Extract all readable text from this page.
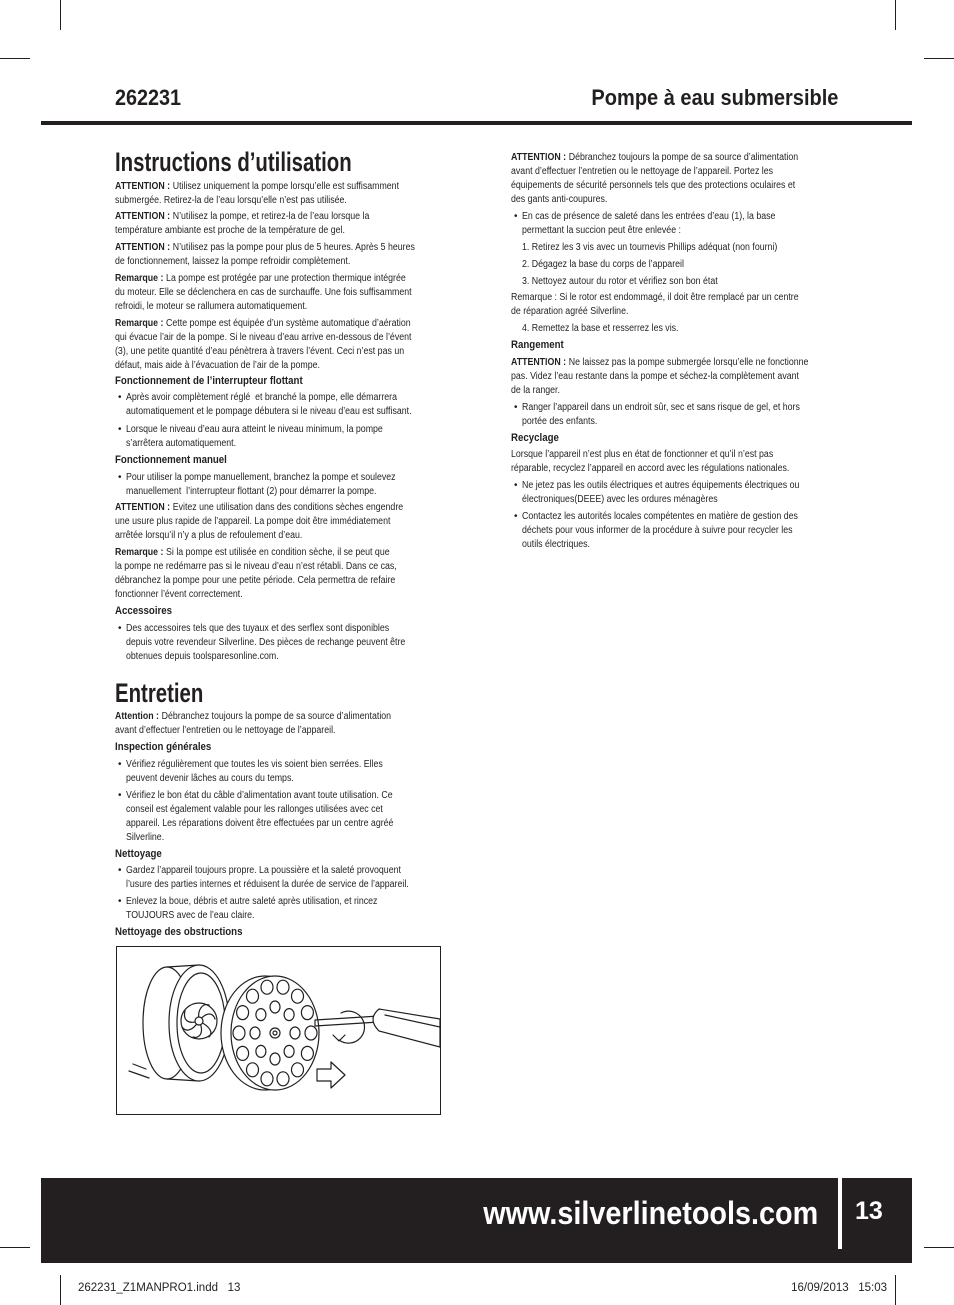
262231	Pompe à eau submersible
Instructions d’utilisation
ATTENTION : Utilisez uniquement la pompe lorsqu’elle est suffisamment
submergée. Retirez-la de l’eau lorsqu’elle n’est pas utilisée.
ATTENTION : N’utilisez la pompe, et retirez-la de l’eau lorsque la
température ambiante est proche de la température de gel.
ATTENTION : N’utilisez pas la pompe pour plus de 5 heures. Après 5 heures
de fonctionnement, laissez la pompe refroidir complètement.
Remarque : La pompe est protégée par une protection thermique intégrée
du moteur. Elle se déclenchera en cas de surchauffe. Une fois suffisamment
refroidi, le moteur se rallumera automatiquement.
Remarque : Cette pompe est équipée d’un système automatique d’aération
qui évacue l’air de la pompe. Si le niveau d’eau arrive en-dessous de l’évent
(3), une petite quantité d’eau pénètrera à travers l’évent. Ceci n’est pas un
défaut, mais aide à l’évacuation de l’air de la pompe.
Fonctionnement de l’interrupteur flottant
• Après avoir complètement réglé  et branché la pompe, elle démarrera
automatiquement et le pompage débutera si le niveau d’eau est suffisant.
• Lorsque le niveau d’eau aura atteint le niveau minimum, la pompe
s’arrêtera automatiquement.
Fonctionnement manuel
• Pour utiliser la pompe manuellement, branchez la pompe et soulevez
manuellement  l’interrupteur flottant (2) pour démarrer la pompe.
ATTENTION : Evitez une utilisation dans des conditions sèches engendre
une usure plus rapide de l’appareil. La pompe doit être immédiatement
arrêtée lorsqu’il n’y a plus de refoulement d’eau.
Remarque : Si la pompe est utilisée en condition sèche, il se peut que
la pompe ne redémarre pas si le niveau d’eau n’est rétabli. Dans ce cas,
débranchez la pompe pour une petite période. Cela permettra de refaire
fonctionner l’évent correctement.
Accessoires
• Des accessoires tels que des tuyaux et des serflex sont disponibles
depuis votre revendeur Silverline. Des pièces de rechange peuvent être
obtenues depuis toolsparesonline.com.
Entretien
Attention : Débranchez toujours la pompe de sa source d’alimentation
avant d’effectuer l’entretien ou le nettoyage de l’appareil.
Inspection générales
• Vérifiez régulièrement que toutes les vis soient bien serrées. Elles
peuvent devenir lâches au cours du temps.
• Vérifiez le bon état du câble d’alimentation avant toute utilisation. Ce
conseil est également valable pour les rallonges utilisées avec cet
appareil. Les réparations doivent être effectuées par un centre agréé
Silverline.
Nettoyage
• Gardez l’appareil toujours propre. La poussière et la saleté provoquent
l’usure des parties internes et réduisent la durée de service de l’appareil.
• Enlevez la boue, débris et autre saleté après utilisation, et rincez
TOUJOURS avec de l’eau claire.
Nettoyage des obstructions
ATTENTION : Débranchez toujours la pompe de sa source d’alimentation
avant d’effectuer l’entretien ou le nettoyage de l’appareil. Portez les
équipements de sécurité personnels tels que des protections oculaires et
des gants anti-coupures.
• En cas de présence de saleté dans les entrées d’eau (1), la base
permettant la succion peut être enlevée :
1. Retirez les 3 vis avec un tournevis Phillips adéquat (non fourni)
2. Dégagez la base du corps de l’appareil
3. Nettoyez autour du rotor et vérifiez son bon état
Remarque : Si le rotor est endommagé, il doit être remplacé par un centre
de réparation agréé Silverline.
4. Remettez la base et resserrez les vis.
Rangement
ATTENTION : Ne laissez pas la pompe submergée lorsqu’elle ne fonctionne
pas. Videz l’eau restante dans la pompe et séchez-la complètement avant
de la ranger.
• Ranger l’appareil dans un endroit sûr, sec et sans risque de gel, et hors
portée des enfants.
Recyclage
Lorsque l’appareil n’est plus en état de fonctionner et qu’il n’est pas
réparable, recyclez l’appareil en accord avec les régulations nationales.
• Ne jetez pas les outils électriques et autres équipements électriques ou
électroniques(DEEE) avec les ordures ménagères
• Contactez les autorités locales compétentes en matière de gestion des
déchets pour vous informer de la procédure à suivre pour recycler les
outils électriques.
www.silverlinetools.com 13
262231_Z1MANPRO1.indd   13	16/09/2013   15:03
